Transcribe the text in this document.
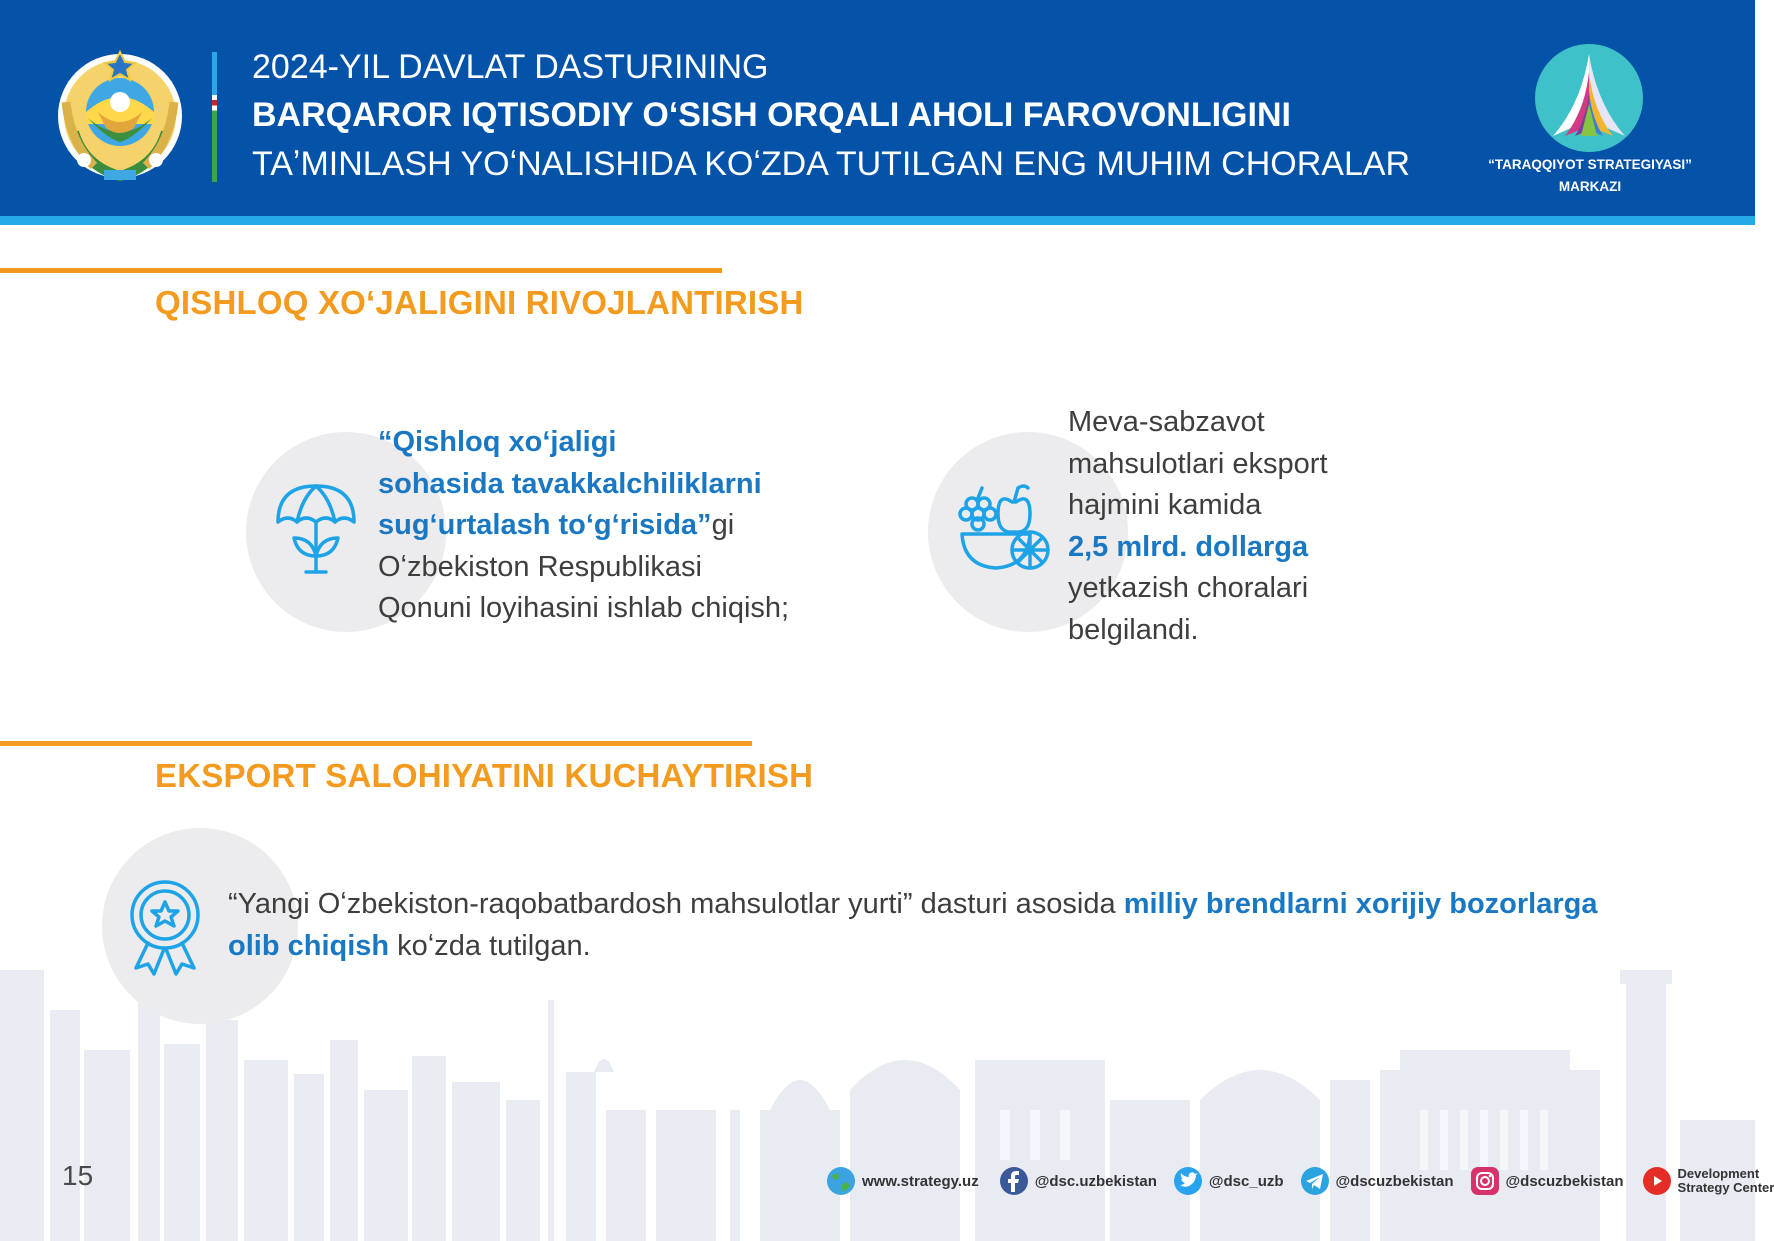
2024-YIL DAVLAT DASTURINING
BARQAROR IQTISODIY OʻSISH ORQALI AHOLI FAROVONLIGINI
TAʼMINLASH YOʻNALISHIDA KOʻZDA TUTILGAN ENG MUHIM CHORALAR	“TARAQQIYOT STRATEGIYASI”
MARKAZI
QISHLOQ XOʻJALIGINI RIVOJLANTIRISH
“Qishloq xoʻjaligi
sohasida tavakkalchiliklarni
sugʻurtalash toʻgʻrisida”gi
Oʻzbekiston Respublikasi
Qonuni loyihasini ishlab chiqish;
Meva-sabzavot
mahsulotlari eksport
hajmini kamida
2,5 mlrd. dollarga
yetkazish choralari
belgilandi.
EKSPORT SALOHIYATINI KUCHAYTIRISH
“Yangi Oʻzbekiston-raqobatbardosh mahsulotlar yurti” dasturi asosida milliy brendlarni xorijiy bozorlarga
olib chiqish koʻzda tutilgan.
15	www.strategy.uz	@dsc.uzbekistan	@dsc_uzb	@dscuzbekistan	@dscuzbekistan	Development
Strategy Center
